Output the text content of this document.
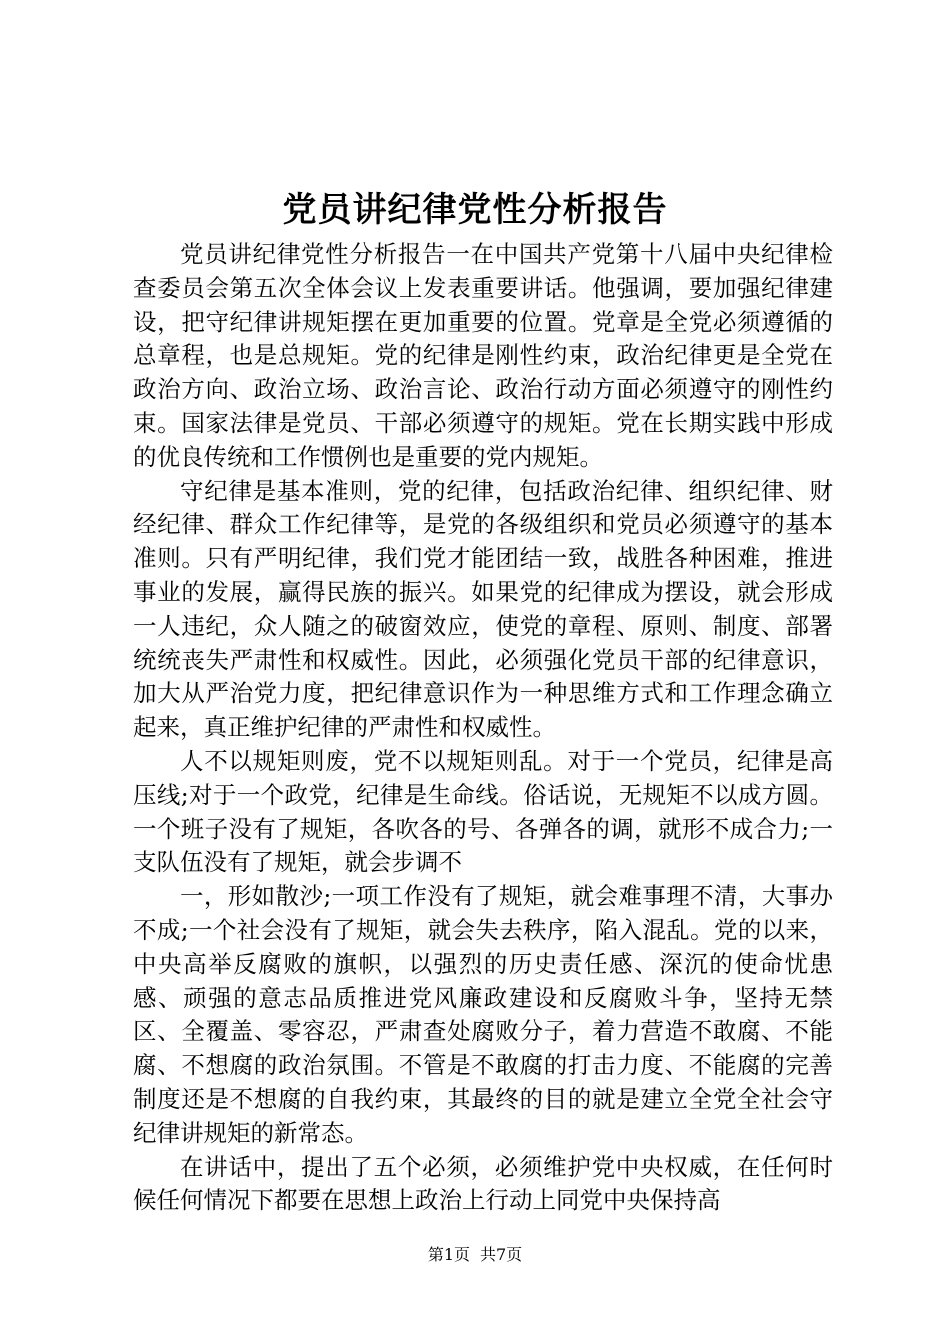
党员讲纪律党性分析报告

党员讲纪律党性分析报告一在中国共产党第十八届中央纪律检查委员会第五次全体会议上发表重要讲话。他强调，要加强纪律建设，把守纪律讲规矩摆在更加重要的位置。党章是全党必须遵循的总章程，也是总规矩。党的纪律是刚性约束，政治纪律更是全党在政治方向、政治立场、政治言论、政治行动方面必须遵守的刚性约束。国家法律是党员、干部必须遵守的规矩。党在长期实践中形成的优良传统和工作惯例也是重要的党内规矩。

守纪律是基本准则，党的纪律，包括政治纪律、组织纪律、财经纪律、群众工作纪律等，是党的各级组织和党员必须遵守的基本准则。只有严明纪律，我们党才能团结一致，战胜各种困难，推进事业的发展，赢得民族的振兴。如果党的纪律成为摆设，就会形成一人违纪，众人随之的破窗效应，使党的章程、原则、制度、部署统统丧失严肃性和权威性。因此，必须强化党员干部的纪律意识，加大从严治党力度，把纪律意识作为一种思维方式和工作理念确立起来，真正维护纪律的严肃性和权威性。

人不以规矩则废，党不以规矩则乱。对于一个党员，纪律是高压线;对于一个政党，纪律是生命线。俗话说，无规矩不以成方圆。一个班子没有了规矩，各吹各的号、各弹各的调，就形不成合力;一支队伍没有了规矩，就会步调不

一，形如散沙;一项工作没有了规矩，就会难事理不清，大事办不成;一个社会没有了规矩，就会失去秩序，陷入混乱。党的以来，中央高举反腐败的旗帜，以强烈的历史责任感、深沉的使命忧患感、顽强的意志品质推进党风廉政建设和反腐败斗争，坚持无禁区、全覆盖、零容忍，严肃查处腐败分子，着力营造不敢腐、不能腐、不想腐的政治氛围。不管是不敢腐的打击力度、不能腐的完善制度还是不想腐的自我约束，其最终的目的就是建立全党全社会守纪律讲规矩的新常态。

在讲话中，提出了五个必须，必须维护党中央权威，在任何时候任何情况下都要在思想上政治上行动上同党中央保持高

第1页 共7页
